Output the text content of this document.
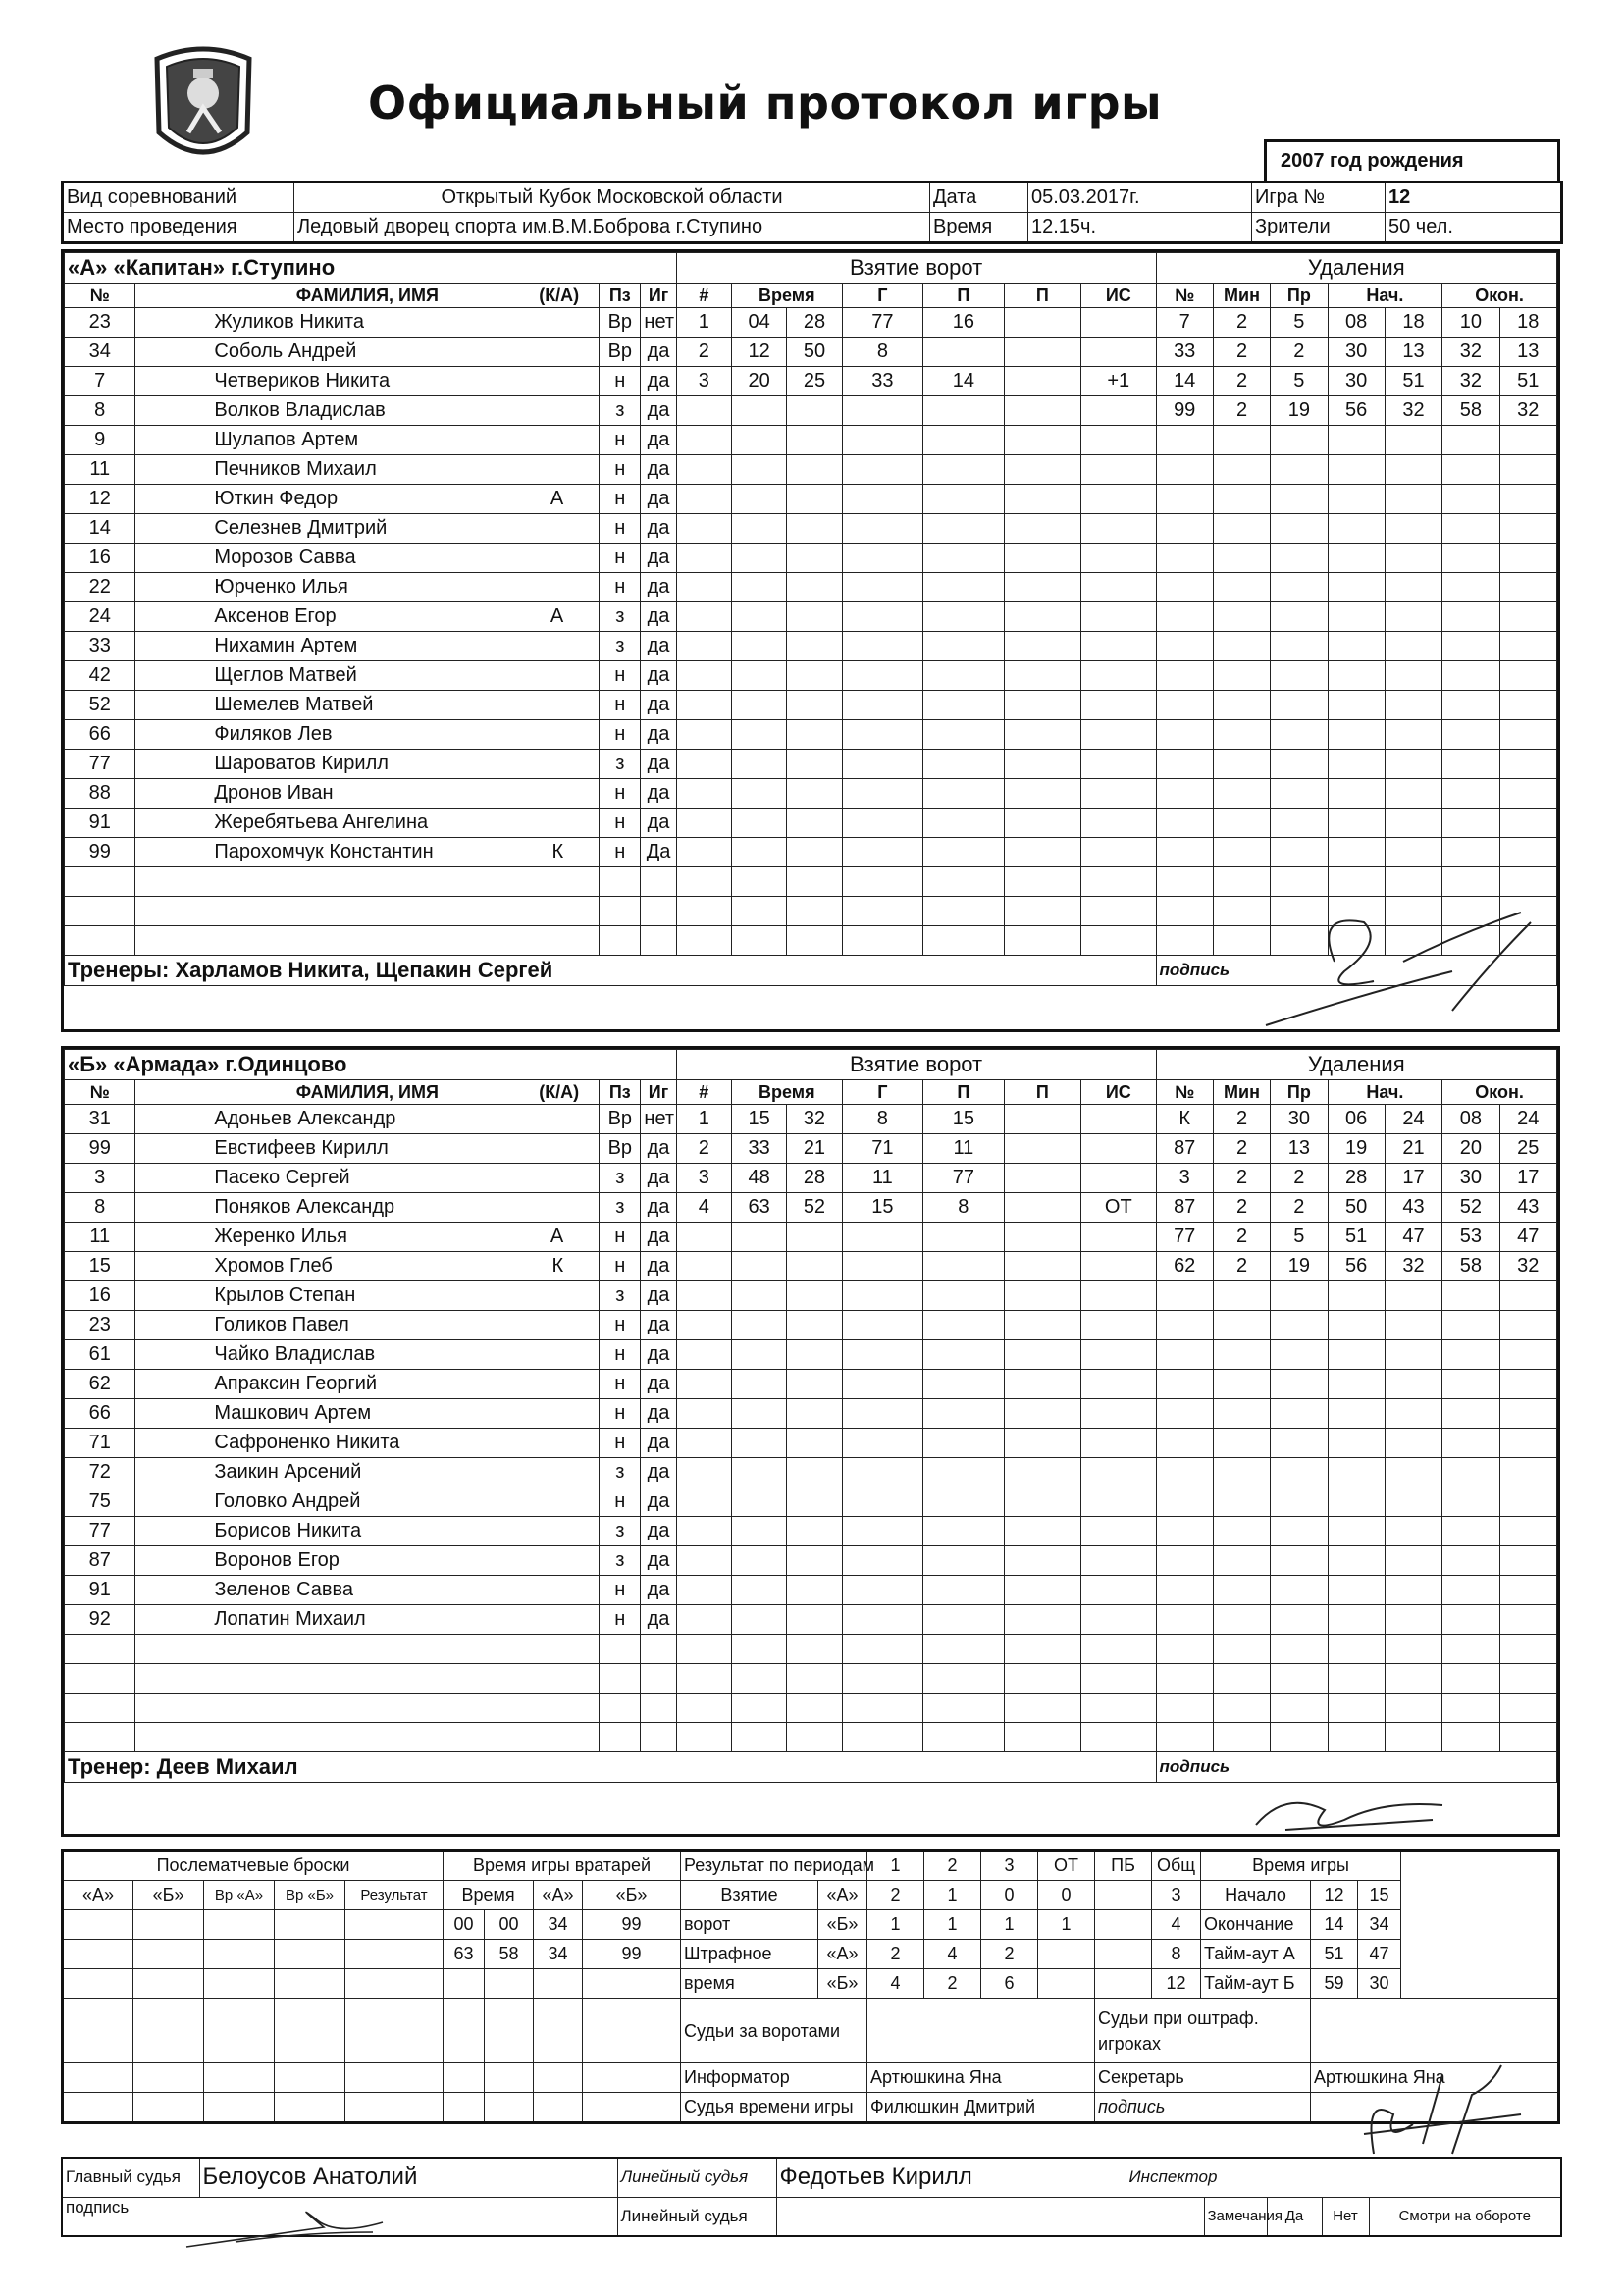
Официальный протокол игры
2007 год рождения
Вид соревнований	Открытый Кубок Московской области	Дата	05.03.2017г.	Игра №	12
Место проведения	Ледовый дворец спорта им.В.М.Боброва г.Ступино	Время	12.15ч.	Зрители	50 чел.
«А» «Капитан» г.Ступино				Взятие ворот							Удаления						
№	ФАМИЛИЯ, ИМЯ (К/А)	Пз	Иг	#	Время		Г	П	П	ИС	№	Мин	Пр	Нач.		Окон.	
23	Жуликов Никита	Вр	нет	1	04	28	77	16			7	2	5	08	18	10	18
34	Соболь Андрей	Вр	да	2	12	50	8				33	2	2	30	13	32	13
7	Четвериков Никита	н	да	3	20	25	33	14		+1	14	2	5	30	51	32	51
8	Волков Владислав	з	да								99	2	19	56	32	58	32
9	Шулапов Артем	н	да														
11	Печников Михаил	н	да														
12	Юткин Федор А	н	да														
14	Селезнев Дмитрий	н	да														
16	Морозов Савва	н	да														
22	Юрченко Илья	н	да														
24	Аксенов Егор А	з	да														
33	Нихамин Артем	з	да														
42	Щеглов Матвей	н	да														
52	Шемелев Матвей	н	да														
66	Филяков Лев	н	да														
77	Шароватов Кирилл	з	да														
88	Дронов Иван	н	да														
91	Жеребятьева Ангелина	н	да														
99	Парохомчук Константин К	н	Да														

Тренеры: Харламов Никита, Щепакин Сергей											подпись						
«Б» «Армада» г.Одинцово				Взятие ворот							Удаления						
№	ФАМИЛИЯ, ИМЯ (К/А)	Пз	Иг	#	Время		Г	П	П	ИС	№	Мин	Пр	Нач.		Окон.	
31	Адоньев Александр	Вр	нет	1	15	32	8	15			К	2	30	06	24	08	24
99	Евстифеев Кирилл	Вр	да	2	33	21	71	11			87	2	13	19	21	20	25
3	Пасеко Сергей	з	да	3	48	28	11	77			3	2	2	28	17	30	17
8	Поняков Александр	з	да	4	63	52	15	8		ОТ	87	2	2	50	43	52	43
11	Жеренко Илья А	н	да								77	2	5	51	47	53	47
15	Хромов Глеб К	н	да								62	2	19	56	32	58	32
16	Крылов Степан	з	да														
23	Голиков Павел	н	да														
61	Чайко Владислав	н	да														
62	Апраксин Георгий	н	да														
66	Машкович Артем	н	да														
71	Сафроненко Никита	н	да														
72	Заикин Арсений	з	да														
75	Головко Андрей	н	да														
77	Борисов Никита	з	да														
87	Воронов Егор	з	да														
91	Зеленов Савва	н	да														
92	Лопатин Михаил	н	да														

Тренер: Деев Михаил											подпись						
Послематчевые броски					Время игры вратарей				Результат по периодам		1	2	3	ОТ	ПБ	Общ	Время игры		
«А»	«Б»	Вр «А»	Вр «Б»	Результат	Время		«А»	«Б»	Взятие	«А»	2	1	0	0		3	Начало	12	15
					00	00	34	99	ворот	«Б»	1	1	1	1		4	Окончание	14	34
					63	58	34	99	Штрафное	«А»	2	4	2			8	Тайм-аут А	51	47
									время	«Б»	4	2	6			12	Тайм-аут Б	59	30
									Судьи за воротами						Судьи при оштраф. игроках				
									Информатор		Артюшкина Яна				Секретарь			Артюшкина Яна	
									Судья времени игры		Филюшкин Дмитрий				подпись				
Главный судья	Белоусов Анатолий	Линейный судья	Федотьев Кирилл	Инспектор				
подпись		Линейный судья			Замечания	Да	Нет	Смотри на обороте
